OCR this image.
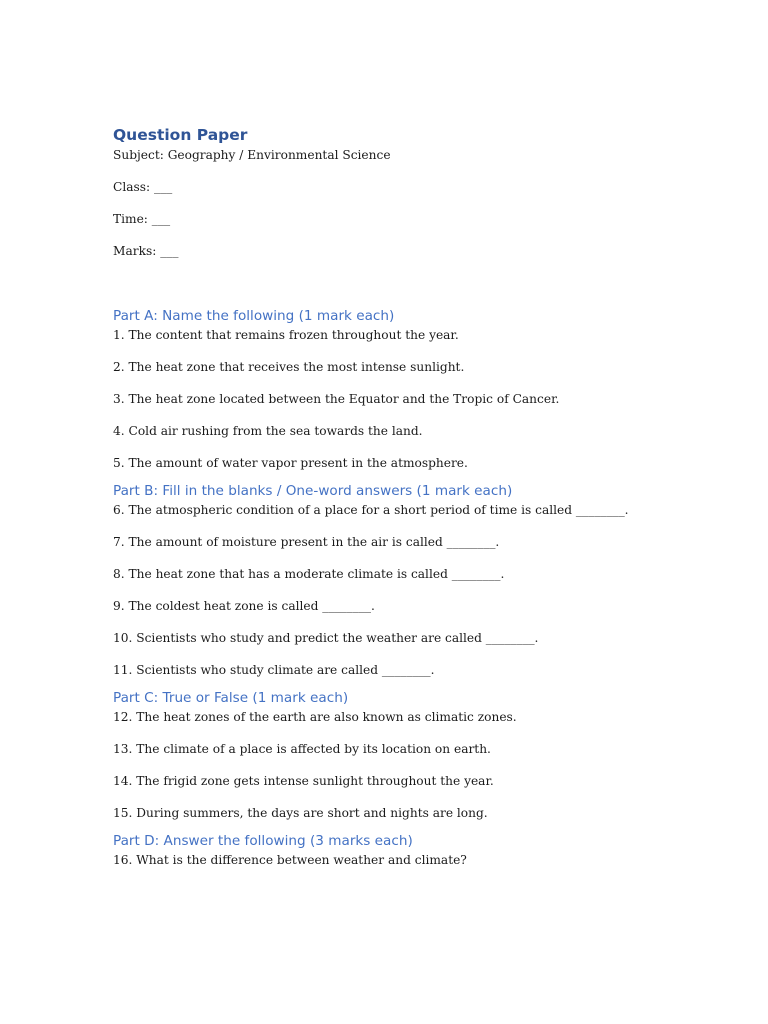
Question Paper
Subject: Geography / Environmental Science
Class: ___
Time: ___
Marks: ___
Part A: Name the following (1 mark each)
1. The content that remains frozen throughout the year.
2. The heat zone that receives the most intense sunlight.
3. The heat zone located between the Equator and the Tropic of Cancer.
4. Cold air rushing from the sea towards the land.
5. The amount of water vapor present in the atmosphere.
Part B: Fill in the blanks / One-word answers (1 mark each)
6. The atmospheric condition of a place for a short period of time is called ________.
7. The amount of moisture present in the air is called ________.
8. The heat zone that has a moderate climate is called ________.
9. The coldest heat zone is called ________.
10. Scientists who study and predict the weather are called ________.
11. Scientists who study climate are called ________.
Part C: True or False (1 mark each)
12. The heat zones of the earth are also known as climatic zones.
13. The climate of a place is affected by its location on earth.
14. The frigid zone gets intense sunlight throughout the year.
15. During summers, the days are short and nights are long.
Part D: Answer the following (3 marks each)
16. What is the difference between weather and climate?
